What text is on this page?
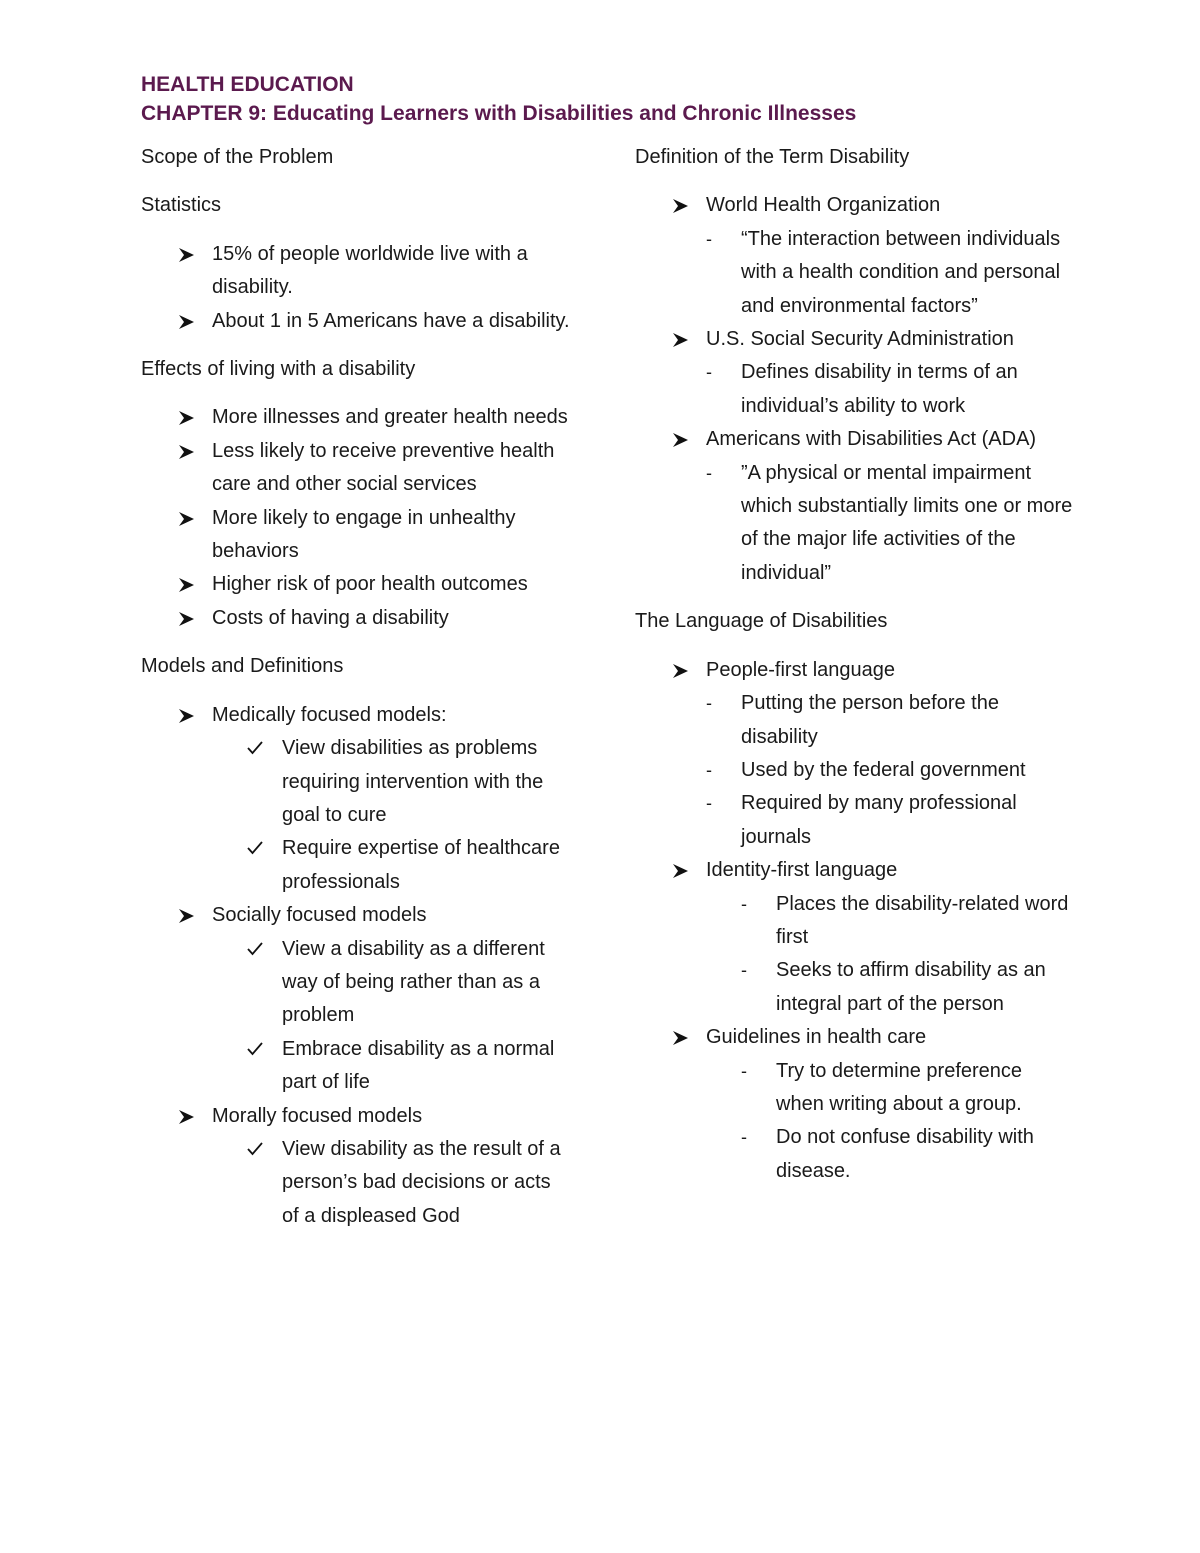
HEALTH EDUCATION
CHAPTER 9: Educating Learners with Disabilities and Chronic Illnesses

Scope of the Problem

Statistics

15% of people worldwide live with a disability.
About 1 in 5 Americans have a disability.

Effects of living with a disability

More illnesses and greater health needs
Less likely to receive preventive health care and other social services
More likely to engage in unhealthy behaviors
Higher risk of poor health outcomes
Costs of having a disability

Models and Definitions

Medically focused models:
View disabilities as problems requiring intervention with the goal to cure
Require expertise of healthcare professionals
Socially focused models
View a disability as a different way of being rather than as a problem
Embrace disability as a normal part of life
Morally focused models
View disability as the result of a person’s bad decisions or acts of a displeased God

Definition of the Term Disability

World Health Organization
- “The interaction between individuals with a health condition and personal and environmental factors”
U.S. Social Security Administration
- Defines disability in terms of an individual’s ability to work
Americans with Disabilities Act (ADA)
- ”A physical or mental impairment which substantially limits one or more of the major life activities of the individual”

The Language of Disabilities

People-first language
- Putting the person before the disability
- Used by the federal government
- Required by many professional journals
Identity-first language
- Places the disability-related word first
- Seeks to affirm disability as an integral part of the person
Guidelines in health care
- Try to determine preference when writing about a group.
- Do not confuse disability with disease.
